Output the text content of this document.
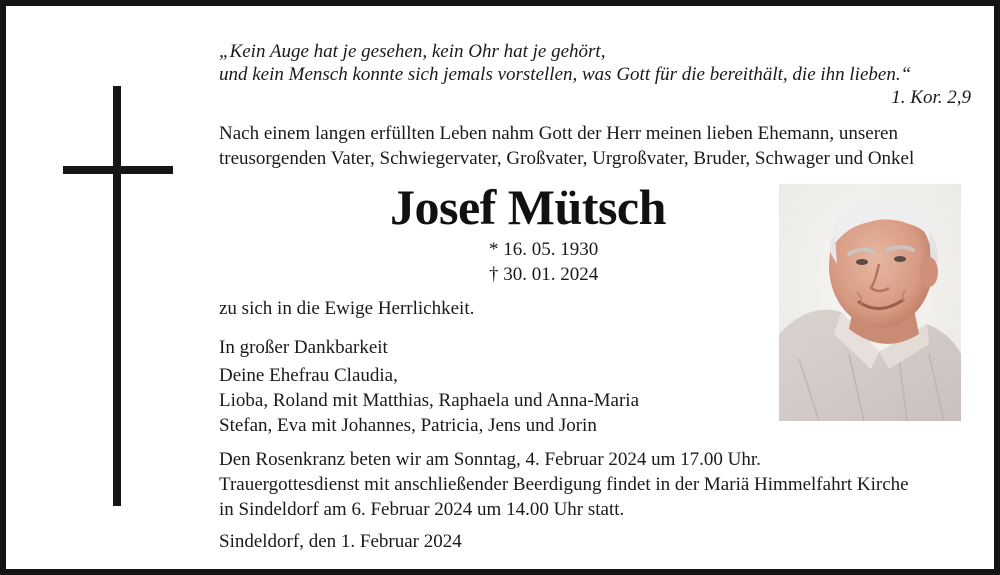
„Kein Auge hat je gesehen, kein Ohr hat je gehört,
und kein Mensch konnte sich jemals vorstellen, was Gott für die bereithält, die ihn lieben.“
1. Kor. 2,9
Nach einem langen erfüllten Leben nahm Gott der Herr meinen lieben Ehemann, unseren
treusorgenden Vater, Schwiegervater, Großvater, Urgroßvater, Bruder, Schwager und Onkel
Josef Mütsch
* 16. 05. 1930
† 30. 01. 2024
zu sich in die Ewige Herrlichkeit.
In großer Dankbarkeit
Deine Ehefrau Claudia,
Lioba, Roland mit Matthias, Raphaela und Anna-Maria
Stefan, Eva mit Johannes, Patricia, Jens und Jorin
Den Rosenkranz beten wir am Sonntag, 4. Februar 2024 um 17.00 Uhr.
Trauergottesdienst mit anschließender Beerdigung findet in der Mariä Himmelfahrt Kirche
in Sindeldorf am 6. Februar 2024 um 14.00 Uhr statt.
Sindeldorf, den 1. Februar 2024
